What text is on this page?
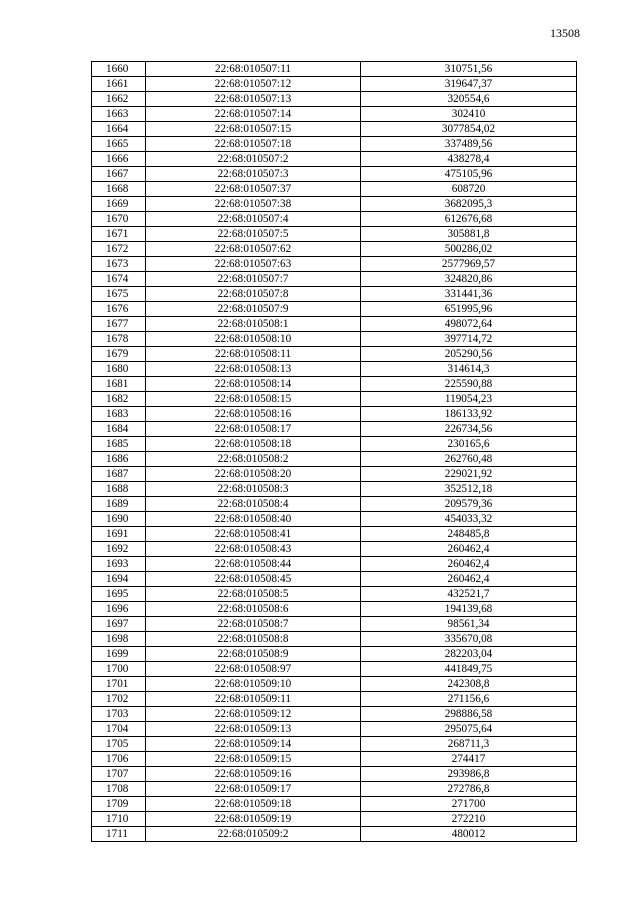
13508
1660	22:68:010507:11	310751,56
1661	22:68:010507:12	319647,37
1662	22:68:010507:13	320554,6
1663	22:68:010507:14	302410
1664	22:68:010507:15	3077854,02
1665	22:68:010507:18	337489,56
1666	22:68:010507:2	438278,4
1667	22:68:010507:3	475105,96
1668	22:68:010507:37	608720
1669	22:68:010507:38	3682095,3
1670	22:68:010507:4	612676,68
1671	22:68:010507:5	305881,8
1672	22:68:010507:62	500286,02
1673	22:68:010507:63	2577969,57
1674	22:68:010507:7	324820,86
1675	22:68:010507:8	331441,36
1676	22:68:010507:9	651995,96
1677	22:68:010508:1	498072,64
1678	22:68:010508:10	397714,72
1679	22:68:010508:11	205290,56
1680	22:68:010508:13	314614,3
1681	22:68:010508:14	225590,88
1682	22:68:010508:15	119054,23
1683	22:68:010508:16	186133,92
1684	22:68:010508:17	226734,56
1685	22:68:010508:18	230165,6
1686	22:68:010508:2	262760,48
1687	22:68:010508:20	229021,92
1688	22:68:010508:3	352512,18
1689	22:68:010508:4	209579,36
1690	22:68:010508:40	454033,32
1691	22:68:010508:41	248485,8
1692	22:68:010508:43	260462,4
1693	22:68:010508:44	260462,4
1694	22:68:010508:45	260462,4
1695	22:68:010508:5	432521,7
1696	22:68:010508:6	194139,68
1697	22:68:010508:7	98561,34
1698	22:68:010508:8	335670,08
1699	22:68:010508:9	282203,04
1700	22:68:010508:97	441849,75
1701	22:68:010509:10	242308,8
1702	22:68:010509:11	271156,6
1703	22:68:010509:12	298886,58
1704	22:68:010509:13	295075,64
1705	22:68:010509:14	268711,3
1706	22:68:010509:15	274417
1707	22:68:010509:16	293986,8
1708	22:68:010509:17	272786,8
1709	22:68:010509:18	271700
1710	22:68:010509:19	272210
1711	22:68:010509:2	480012
